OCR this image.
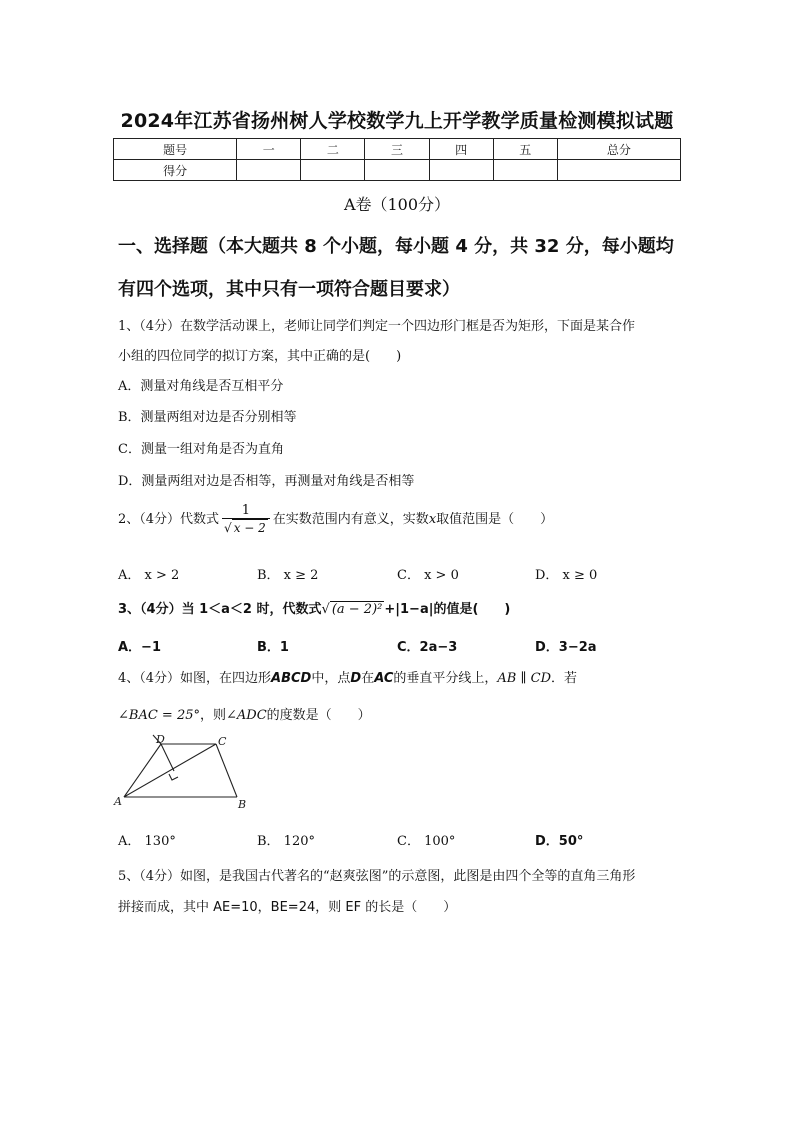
2024年江苏省扬州树人学校数学九上开学教学质量检测模拟试题
题号	一	二	三	四	五	总分
得分						
A卷（100分）
一、选择题（本大题共 8 个小题，每小题 4 分，共 32 分，每小题均
有四个选项，其中只有一项符合题目要求）
1、（4分）在数学活动课上，老师让同学们判定一个四边形门框是否为矩形，下面是某合作
小组的四位同学的拟订方案，其中正确的是(　　)
A．测量对角线是否互相平分
B．测量两组对边是否分别相等
C．测量一组对角是否为直角
D．测量两组对边是否相等，再测量对角线是否相等
2、（4分）代数式 $\frac{1}{√ x - 2}$ 在实数范围内有意义，实数x取值范围是（　　）
A． x > 2	B． x ≥ 2	C． x > 0	D． x ≥ 0
3、（4分）当 1＜a＜2 时，代数式√ (a − 2)² +|1−a|的值是(　　)
A．−1	B．1	C．2a−3	D．3−2a
4、（4分）如图，在四边形ABCD中，点D在AC的垂直平分线上，AB ∥ CD．若
∠BAC = 25°，则∠ADC的度数是（　　）
A	B
C
D
A． 130°	B． 120°	C． 100°	D．50°
5、（4分）如图，是我国古代著名的“赵爽弦图”的示意图，此图是由四个全等的直角三角形
拼接而成，其中 AE=10，BE=24，则 EF 的长是（　　）
